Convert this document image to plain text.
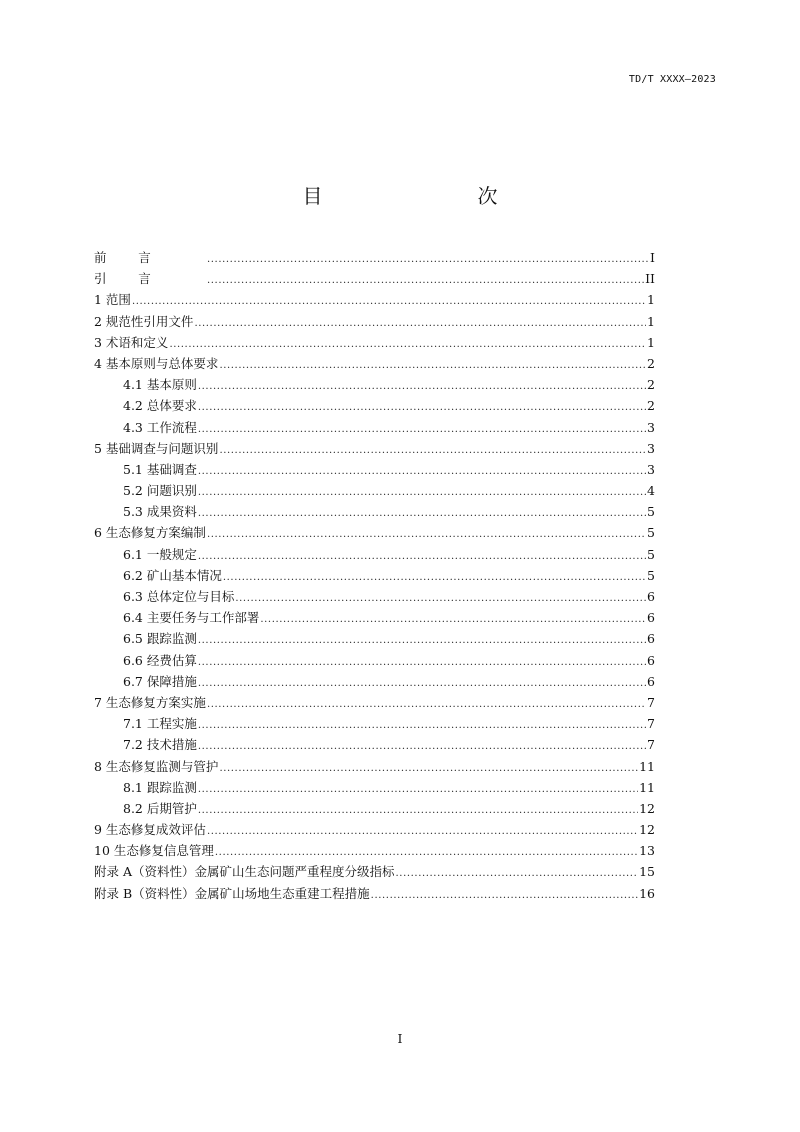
TD/T XXXX—2023
目   次
前        言 .....	I
引        言 .....	II
1 范围 .....	1
2 规范性引用文件 .....	1
3 术语和定义 .....	1
4 基本原则与总体要求 .....	2
4.1 基本原则 .....	2
4.2 总体要求 .....	2
4.3 工作流程 .....	3
5 基础调查与问题识别 .....	3
5.1 基础调查 .....	3
5.2 问题识别 .....	4
5.3 成果资料 .....	5
6 生态修复方案编制 .....	5
6.1 一般规定 .....	5
6.2 矿山基本情况 .....	5
6.3 总体定位与目标 .....	6
6.4 主要任务与工作部署 .....	6
6.5 跟踪监测 .....	6
6.6 经费估算 .....	6
6.7 保障措施 .....	6
7 生态修复方案实施 .....	7
7.1 工程实施 .....	7
7.2 技术措施 .....	7
8 生态修复监测与管护 .....	11
8.1 跟踪监测 .....	11
8.2 后期管护 .....	12
9 生态修复成效评估 .....	12
10 生态修复信息管理 .....	13
附录 A（资料性）金属矿山生态问题严重程度分级指标 .....	15
附录 B（资料性）金属矿山场地生态重建工程措施 .....	16
I
